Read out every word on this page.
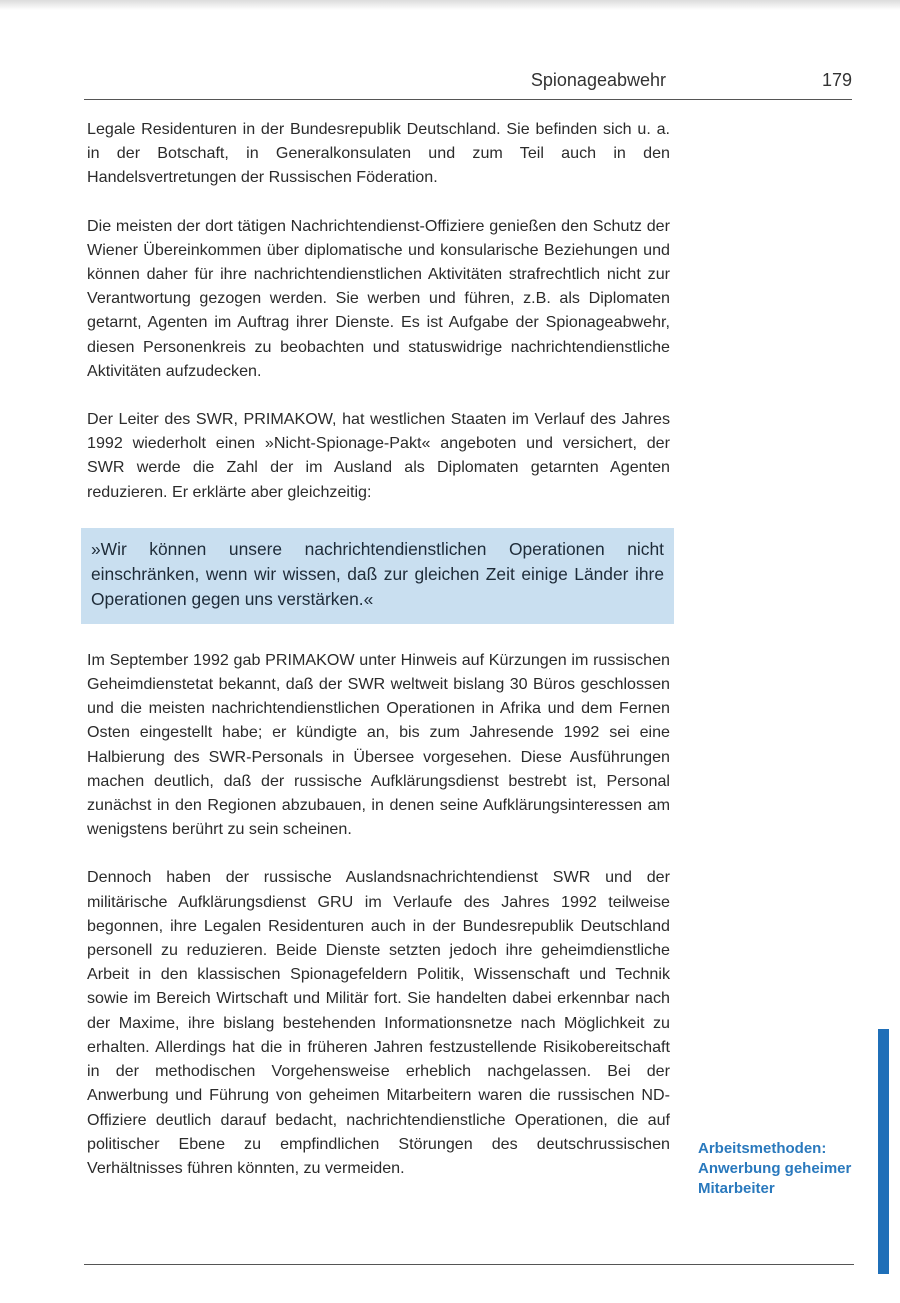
Spionageabwehr	179

Legale Residenturen in der Bundesrepublik Deutschland. Sie befinden sich u. a. in der Botschaft, in Generalkonsulaten und zum Teil auch in den Handelsvertretungen der Russischen Föderation.

Die meisten der dort tätigen Nachrichtendienst-Offiziere genießen den Schutz der Wiener Übereinkommen über diplomatische und konsularische Beziehungen und können daher für ihre nachrichtendienstlichen Aktivitäten strafrechtlich nicht zur Verantwortung gezogen werden. Sie werben und führen, z.B. als Diplomaten getarnt, Agenten im Auftrag ihrer Dienste. Es ist Aufgabe der Spionageabwehr, diesen Personenkreis zu beobachten und statuswidrige nachrichtendienstliche Aktivitäten aufzudecken.

Der Leiter des SWR, PRIMAKOW, hat westlichen Staaten im Verlauf des Jahres 1992 wiederholt einen »Nicht-Spionage-Pakt« angeboten und versichert, der SWR werde die Zahl der im Ausland als Diplomaten getarnten Agenten reduzieren. Er erklärte aber gleichzeitig:

»Wir können unsere nachrichtendienstlichen Operationen nicht einschränken, wenn wir wissen, daß zur gleichen Zeit einige Länder ihre Operationen gegen uns verstärken.«

Im September 1992 gab PRIMAKOW unter Hinweis auf Kürzungen im russischen Geheimdienstetat bekannt, daß der SWR weltweit bislang 30 Büros geschlossen und die meisten nachrichtendienstlichen Operationen in Afrika und dem Fernen Osten eingestellt habe; er kündigte an, bis zum Jahresende 1992 sei eine Halbierung des SWR-Personals in Übersee vorgesehen. Diese Ausführungen machen deutlich, daß der russische Aufklärungsdienst bestrebt ist, Personal zunächst in den Regionen abzubauen, in denen seine Aufklärungsinteressen am wenigstens berührt zu sein scheinen.

Dennoch haben der russische Auslandsnachrichtendienst SWR und der militärische Aufklärungsdienst GRU im Verlaufe des Jahres 1992 teilweise begonnen, ihre Legalen Residenturen auch in der Bundesrepublik Deutschland personell zu reduzieren. Beide Dienste setzten jedoch ihre geheimdienstliche Arbeit in den klassischen Spionagefeldern Politik, Wissenschaft und Technik sowie im Bereich Wirtschaft und Militär fort. Sie handelten dabei erkennbar nach der Maxime, ihre bislang bestehenden Informationsnetze nach Möglichkeit zu erhalten. Allerdings hat die in früheren Jahren festzustellende Risikobereitschaft in der methodischen Vorgehensweise erheblich nachgelassen. Bei der Anwerbung und Führung von geheimen Mitarbeitern waren die russischen ND-Offiziere deutlich darauf bedacht, nachrichtendienstliche Operationen, die auf politischer Ebene zu empfindlichen Störungen des deutschrussischen Verhältnisses führen könnten, zu vermeiden.

Arbeitsmethoden:
Anwerbung geheimer Mitarbeiter
